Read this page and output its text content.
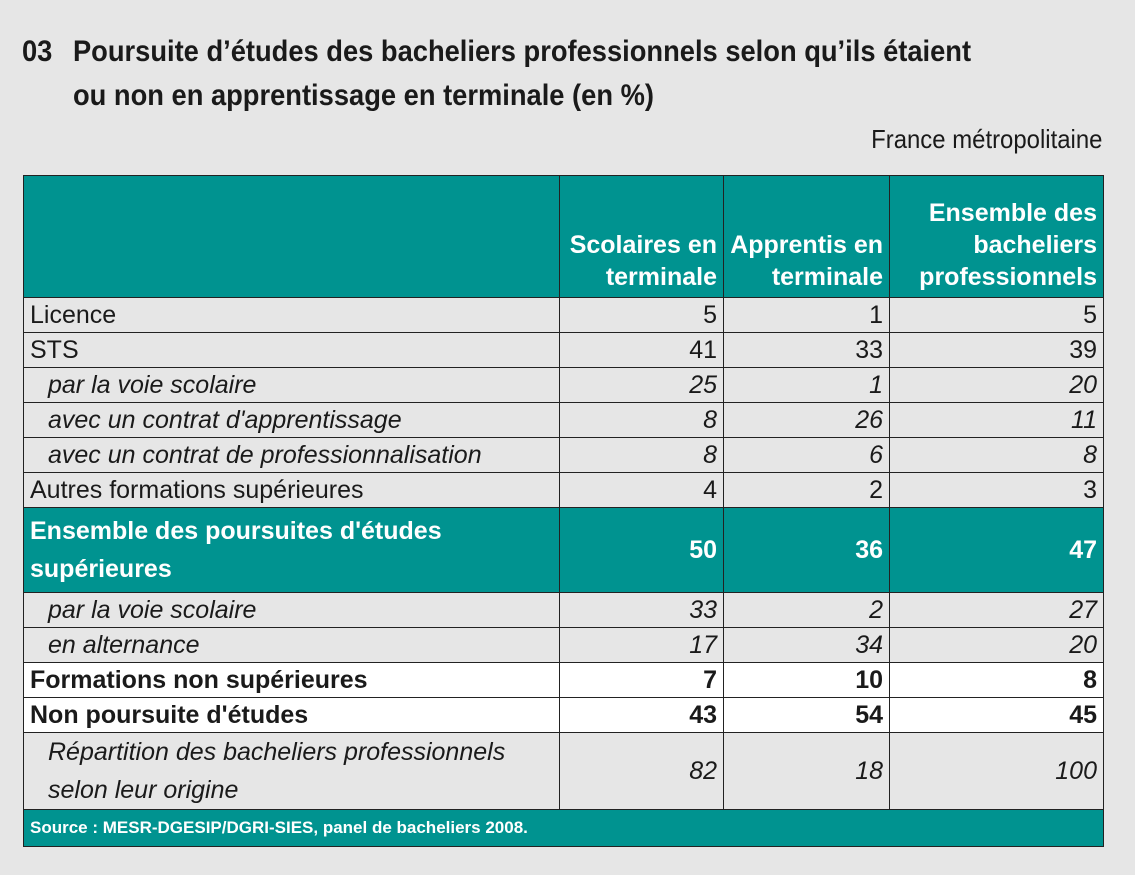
03 Poursuite d’études des bacheliers professionnels selon qu’ils étaient
ou non en apprentissage en terminale (en %)
France métropolitaine
	Scolaires en terminale	Apprentis en terminale	Ensemble des bacheliers professionnels
Licence	5	1	5
STS	41	33	39
par la voie scolaire	25	1	20
avec un contrat d'apprentissage	8	26	11
avec un contrat de professionnalisation	8	6	8
Autres formations supérieures	4	2	3
Ensemble des poursuites d'études supérieures	50	36	47
par la voie scolaire	33	2	27
en alternance	17	34	20
Formations non supérieures	7	10	8
Non poursuite d'études	43	54	45
Répartition des bacheliers professionnels selon leur origine	82	18	100
Source : MESR-DGESIP/DGRI-SIES, panel de bacheliers 2008.			
